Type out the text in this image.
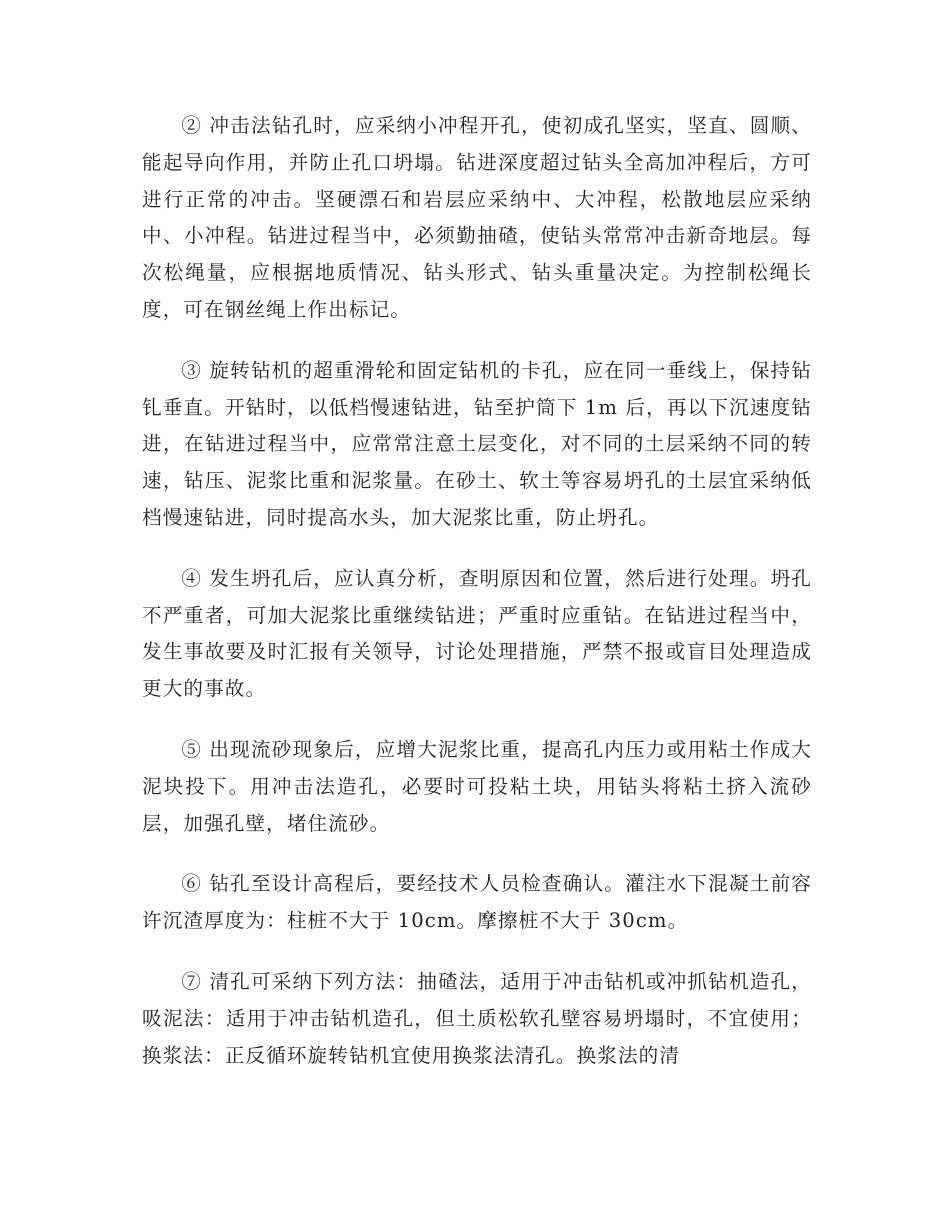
② 冲击法钻孔时，应采纳小冲程开孔，使初成孔坚实，坚直、圆顺、能起导向作用，并防止孔口坍塌。钻进深度超过钻头全高加冲程后，方可进行正常的冲击。坚硬漂石和岩层应采纳中、大冲程，松散地层应采纳中、小冲程。钻进过程当中，必须勤抽碴，使钻头常常冲击新奇地层。每次松绳量，应根据地质情况、钻头形式、钻头重量决定。为控制松绳长度，可在钢丝绳上作出标记。

③ 旋转钻机的超重滑轮和固定钻机的卡孔，应在同一垂线上，保持钻钆垂直。开钻时，以低档慢速钻进，钻至护筒下 1m 后，再以下沉速度钻进，在钻进过程当中，应常常注意土层变化，对不同的土层采纳不同的转速，钻压、泥浆比重和泥浆量。在砂土、软土等容易坍孔的土层宜采纳低档慢速钻进，同时提高水头，加大泥浆比重，防止坍孔。

④ 发生坍孔后，应认真分析，查明原因和位置，然后进行处理。坍孔不严重者，可加大泥浆比重继续钻进；严重时应重钻。在钻进过程当中，发生事故要及时汇报有关领导，讨论处理措施，严禁不报或盲目处理造成更大的事故。

⑤ 出现流砂现象后，应增大泥浆比重，提高孔内压力或用粘土作成大泥块投下。用冲击法造孔，必要时可投粘土块，用钻头将粘土挤入流砂层，加强孔壁，堵住流砂。

⑥ 钻孔至设计高程后，要经技术人员检查确认。灌注水下混凝土前容许沉渣厚度为：柱桩不大于 10cm。摩擦桩不大于 30cm。

⑦ 清孔可采纳下列方法：抽碴法，适用于冲击钻机或冲抓钻机造孔，吸泥法：适用于冲击钻机造孔，但土质松软孔壁容易坍塌时，不宜使用；换浆法：正反循环旋转钻机宜使用换浆法清孔。换浆法的清
